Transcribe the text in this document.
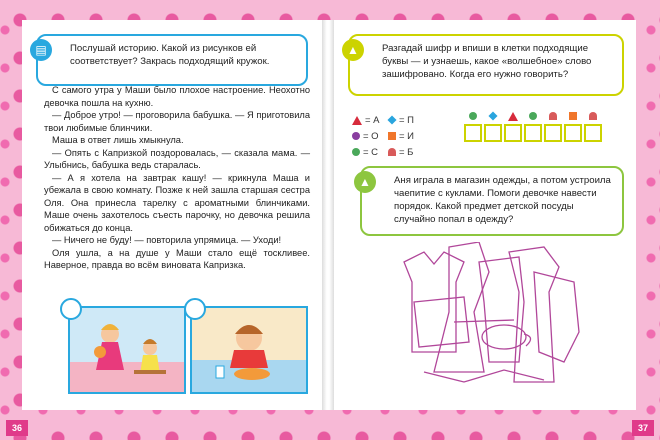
▤	Послушай историю. Какой из рисунков ей соответствует? Закрась подходящий кружок.

С самого утра у Маши было плохое настроение. Неохотно девочка пошла на кухню.

— Доброе утро! — проговорила бабушка. — Я приготовила твои любимые блинчики.

Маша в ответ лишь хмыкнула.

— Опять с Капризкой поздоровалась, — сказала мама. — Улыбнись, бабушка ведь старалась.

— А я хотела на завтрак кашу! — крикнула Маша и убежала в свою комнату. Позже к ней зашла старшая сестра Оля. Она принесла тарелку с ароматными блинчиками. Маше очень захотелось съесть парочку, но девочка решила обижаться до конца.

— Ничего не буду! — повторила упрямица. — Уходи!

Оля ушла, а на душе у Маши стало ещё тоскливее. Наверное, правда во всём виновата Капризка.

▲	Разгадай шифр и впиши в клетки подходящие буквы — и узнаешь, какое «волшебное» слово зашифровано. Когда его нужно говорить?
= А = П
= О = И
= С = Б
▲	Аня играла в магазин одежды, а потом устроила чаепитие с куклами. Помоги девочке навести порядок. Какой предмет детской посуды случайно попал в одежду?
36	37
